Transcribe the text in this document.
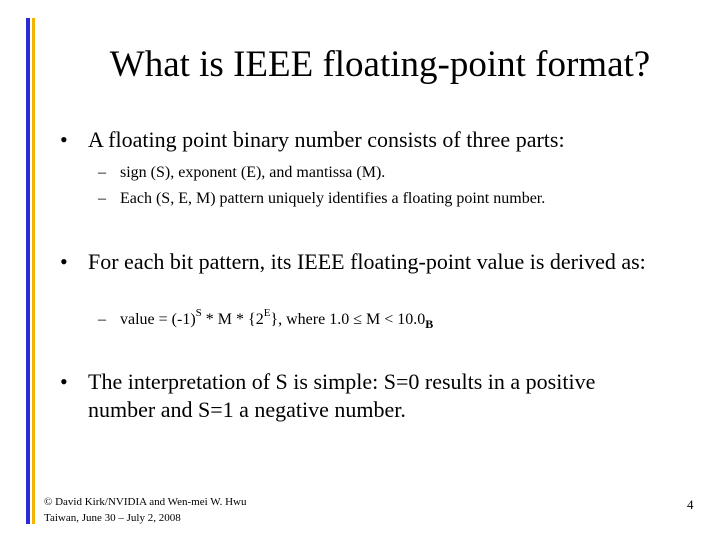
What is IEEE floating-point format?
• A floating point binary number consists of three parts:
– sign (S), exponent (E), and mantissa (M).
– Each (S, E, M) pattern uniquely identifies a floating point number.
• For each bit pattern, its IEEE floating-point value is derived as:
– value = $(-1)^S$ * M * $\{2^E\}$, where $1.0 \le M < 10.0_B$
• The interpretation of S is simple: S=0 results in a positive number and S=1 a negative number.
© David Kirk/NVIDIA and Wen-mei W. Hwu
Taiwan, June 30 – July 2, 2008
4
